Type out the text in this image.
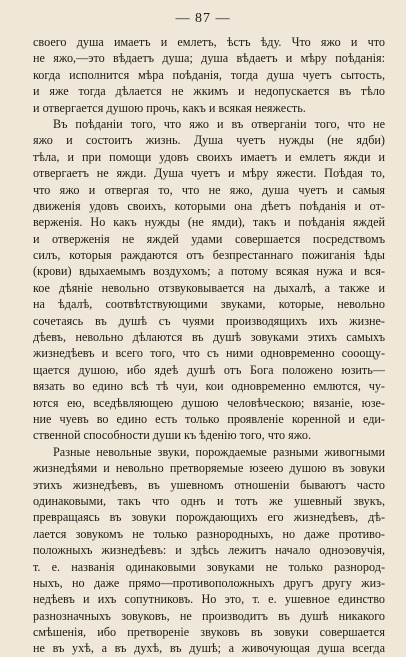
— 87 —
своего душа имаетъ и емлетъ, ѣстъ ѣду. Что яжо и что
не яжо,—это вѣдаетъ душа; душа вѣдаетъ и мѣру поѣданія:
когда исполнится мѣра поѣданія, тогда душа чуетъ сытость,
и яже тогда дѣлается не жкимъ и недопускается въ тѣло
и отвергается душою прочь, какъ и всякая неяжесть.
Въ поѣданіи того, что яжо и въ отверганіи того, что не
яжо и состоитъ жизнь. Душа чуетъ нужды (не ядби)
тѣла, и при помощи удовъ своихъ имаетъ и емлетъ яжди и
отвергаетъ не яжди. Душа чуетъ и мѣру яжести. Поѣдая то,
что яжо и отвергая то, что не яжо, душа чуетъ и самыя
движенія удовъ своихъ, которыми она дѣетъ поѣданія и от-
верженія. Но какъ нужды (не ямди), такъ и поѣданія яждей
и отверженія не яждей удами совершается посредствомъ
силъ, которыя раждаются отъ безпрестаннаго пожиганія ѣды
(крови) вдыхаемымъ воздухомъ; а потому всякая нужа и вся-
кое дѣяніе невольно отзвуковывается на дыхалѣ, а также и
на ѣдалѣ, соотвѣтствующими звуками, которые, невольно
сочетаясь въ душѣ съ чуями производящихъ ихъ жизне-
дѣевъ, невольно дѣлаются въ душѣ зовуками этихъ самыхъ
жизнедѣевъ и всего того, что съ ними одновременно сооощу-
щается душою, ибо ядеѣ душѣ отъ Бога положено юзить—
вязать во едино всѣ тѣ чуи, кои одновременно емлются, чу-
ются ею, вседѣвляющею душою человѣческою; вязаніе, юзе-
ние чуевъ во едино есть только проявленіе коренной и еди-
ственной способности души къ ѣденію того, что яжо.
Разные невольные звуки, порождаемые разными живогными
жизнедѣями и невольно претворяемые юзеею душою въ зовуки
этихъ жизнедѣевъ, въ ушевномъ отношеніи бываютъ часто
одинаковыми, такъ что однъ и тотъ же ушевный звукъ,
превращаясь въ зовуки порождающихъ его жизнедѣевъ, дѣ-
лается зовукомъ не только разнородныхъ, но даже противо-
положныхъ жизнедѣевъ: и здѣсь лежитъ начало одноэовучія,
т. е. названія одинаковыми зовуками не только разнород-
ныхъ, но даже прямо—противоположныхъ другъ другу жиз-
недѣевъ и ихъ сопутниковъ. Но это, т. е. ушевное единство
разнозначныхъ зовуковъ, не производитъ въ душѣ никакого
смѣшенія, ибо претвореніе звуковъ въ зовуки совершается
не въ ухѣ, а въ духѣ, въ душѣ; а живочующая душа всегда
